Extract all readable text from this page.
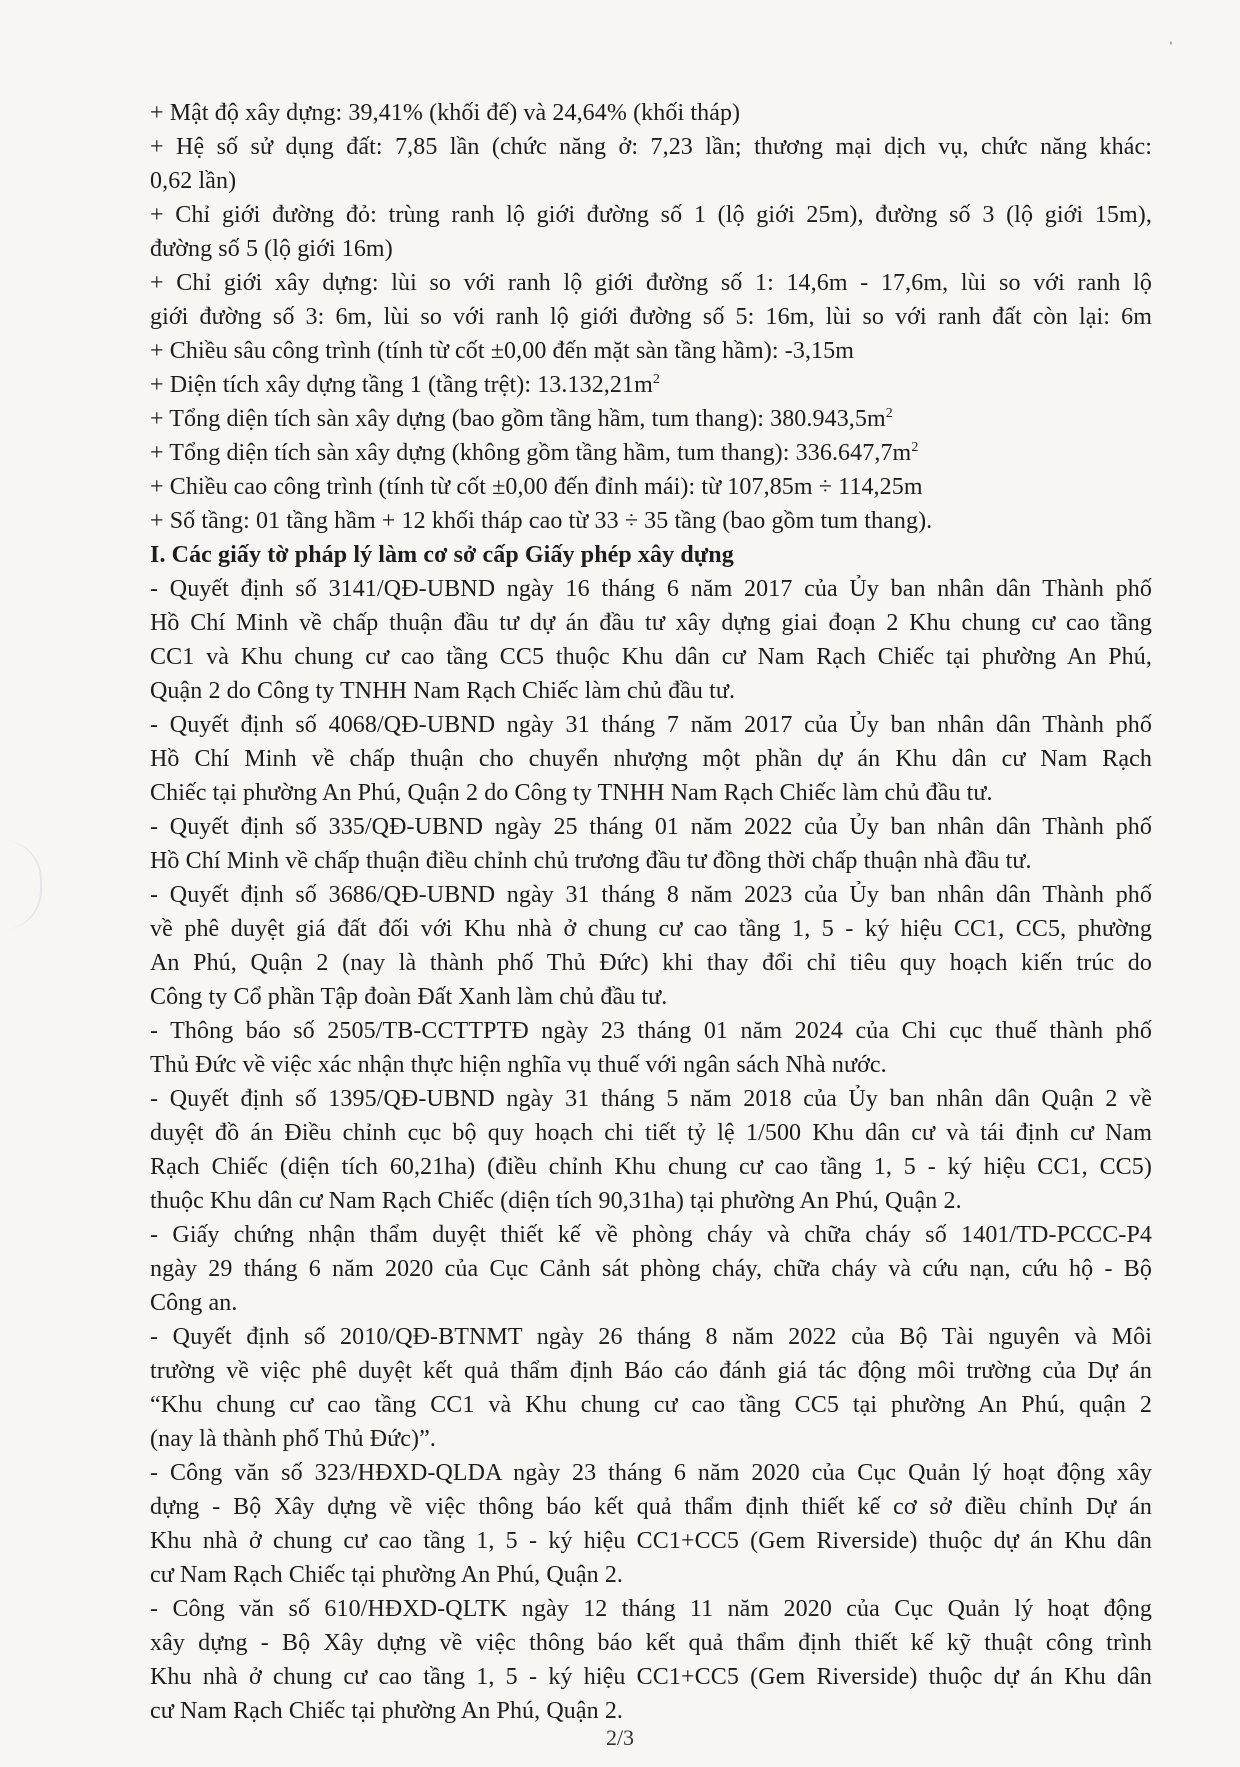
ˈ
+ Mật độ xây dựng: 39,41% (khối đế) và 24,64% (khối tháp)
+ Hệ số sử dụng đất: 7,85 lần (chức năng ở: 7,23 lần; thương mại dịch vụ, chức năng khác:
0,62 lần)
+ Chỉ giới đường đỏ: trùng ranh lộ giới đường số 1 (lộ giới 25m), đường số 3 (lộ giới 15m),
đường số 5 (lộ giới 16m)
+ Chỉ giới xây dựng: lùi so với ranh lộ giới đường số 1: 14,6m - 17,6m, lùi so với ranh lộ
giới đường số 3: 6m, lùi so với ranh lộ giới đường số 5: 16m, lùi so với ranh đất còn lại: 6m
+ Chiều sâu công trình (tính từ cốt ±0,00 đến mặt sàn tầng hầm): -3,15m
+ Diện tích xây dựng tầng 1 (tầng trệt): $13.132,21m^2$
+ Tổng diện tích sàn xây dựng (bao gồm tầng hầm, tum thang): $380.943,5m^2$
+ Tổng diện tích sàn xây dựng (không gồm tầng hầm, tum thang): $336.647,7m^2$
+ Chiều cao công trình (tính từ cốt ±0,00 đến đỉnh mái): từ 107,85m ÷ 114,25m
+ Số tầng: 01 tầng hầm + 12 khối tháp cao từ 33 ÷ 35 tầng (bao gồm tum thang).
I. Các giấy tờ pháp lý làm cơ sở cấp Giấy phép xây dựng
- Quyết định số 3141/QĐ-UBND ngày 16 tháng 6 năm 2017 của Ủy ban nhân dân Thành phố
Hồ Chí Minh về chấp thuận đầu tư dự án đầu tư xây dựng giai đoạn 2 Khu chung cư cao tầng
CC1 và Khu chung cư cao tầng CC5 thuộc Khu dân cư Nam Rạch Chiếc tại phường An Phú,
Quận 2 do Công ty TNHH Nam Rạch Chiếc làm chủ đầu tư.
- Quyết định số 4068/QĐ-UBND ngày 31 tháng 7 năm 2017 của Ủy ban nhân dân Thành phố
Hồ Chí Minh về chấp thuận cho chuyển nhượng một phần dự án Khu dân cư Nam Rạch
Chiếc tại phường An Phú, Quận 2 do Công ty TNHH Nam Rạch Chiếc làm chủ đầu tư.
- Quyết định số 335/QĐ-UBND ngày 25 tháng 01 năm 2022 của Ủy ban nhân dân Thành phố
Hồ Chí Minh về chấp thuận điều chỉnh chủ trương đầu tư đồng thời chấp thuận nhà đầu tư.
- Quyết định số 3686/QĐ-UBND ngày 31 tháng 8 năm 2023 của Ủy ban nhân dân Thành phố
về phê duyệt giá đất đối với Khu nhà ở chung cư cao tầng 1, 5 - ký hiệu CC1, CC5, phường
An Phú, Quận 2 (nay là thành phố Thủ Đức) khi thay đổi chỉ tiêu quy hoạch kiến trúc do
Công ty Cổ phần Tập đoàn Đất Xanh làm chủ đầu tư.
- Thông báo số 2505/TB-CCTTPTĐ ngày 23 tháng 01 năm 2024 của Chi cục thuế thành phố
Thủ Đức về việc xác nhận thực hiện nghĩa vụ thuế với ngân sách Nhà nước.
- Quyết định số 1395/QĐ-UBND ngày 31 tháng 5 năm 2018 của Ủy ban nhân dân Quận 2 về
duyệt đồ án Điều chỉnh cục bộ quy hoạch chi tiết tỷ lệ 1/500 Khu dân cư và tái định cư Nam
Rạch Chiếc (diện tích 60,21ha) (điều chỉnh Khu chung cư cao tầng 1, 5 - ký hiệu CC1, CC5)
thuộc Khu dân cư Nam Rạch Chiếc (diện tích 90,31ha) tại phường An Phú, Quận 2.
- Giấy chứng nhận thẩm duyệt thiết kế về phòng cháy và chữa cháy số 1401/TD-PCCC-P4
ngày 29 tháng 6 năm 2020 của Cục Cảnh sát phòng cháy, chữa cháy và cứu nạn, cứu hộ - Bộ
Công an.
- Quyết định số 2010/QĐ-BTNMT ngày 26 tháng 8 năm 2022 của Bộ Tài nguyên và Môi
trường về việc phê duyệt kết quả thẩm định Báo cáo đánh giá tác động môi trường của Dự án
“Khu chung cư cao tầng CC1 và Khu chung cư cao tầng CC5 tại phường An Phú, quận 2
(nay là thành phố Thủ Đức)”.
- Công văn số 323/HĐXD-QLDA ngày 23 tháng 6 năm 2020 của Cục Quản lý hoạt động xây
dựng - Bộ Xây dựng về việc thông báo kết quả thẩm định thiết kế cơ sở điều chỉnh Dự án
Khu nhà ở chung cư cao tầng 1, 5 - ký hiệu CC1+CC5 (Gem Riverside) thuộc dự án Khu dân
cư Nam Rạch Chiếc tại phường An Phú, Quận 2.
- Công văn số 610/HĐXD-QLTK ngày 12 tháng 11 năm 2020 của Cục Quản lý hoạt động
xây dựng - Bộ Xây dựng về việc thông báo kết quả thẩm định thiết kế kỹ thuật công trình
Khu nhà ở chung cư cao tầng 1, 5 - ký hiệu CC1+CC5 (Gem Riverside) thuộc dự án Khu dân
cư Nam Rạch Chiếc tại phường An Phú, Quận 2.
2/3
